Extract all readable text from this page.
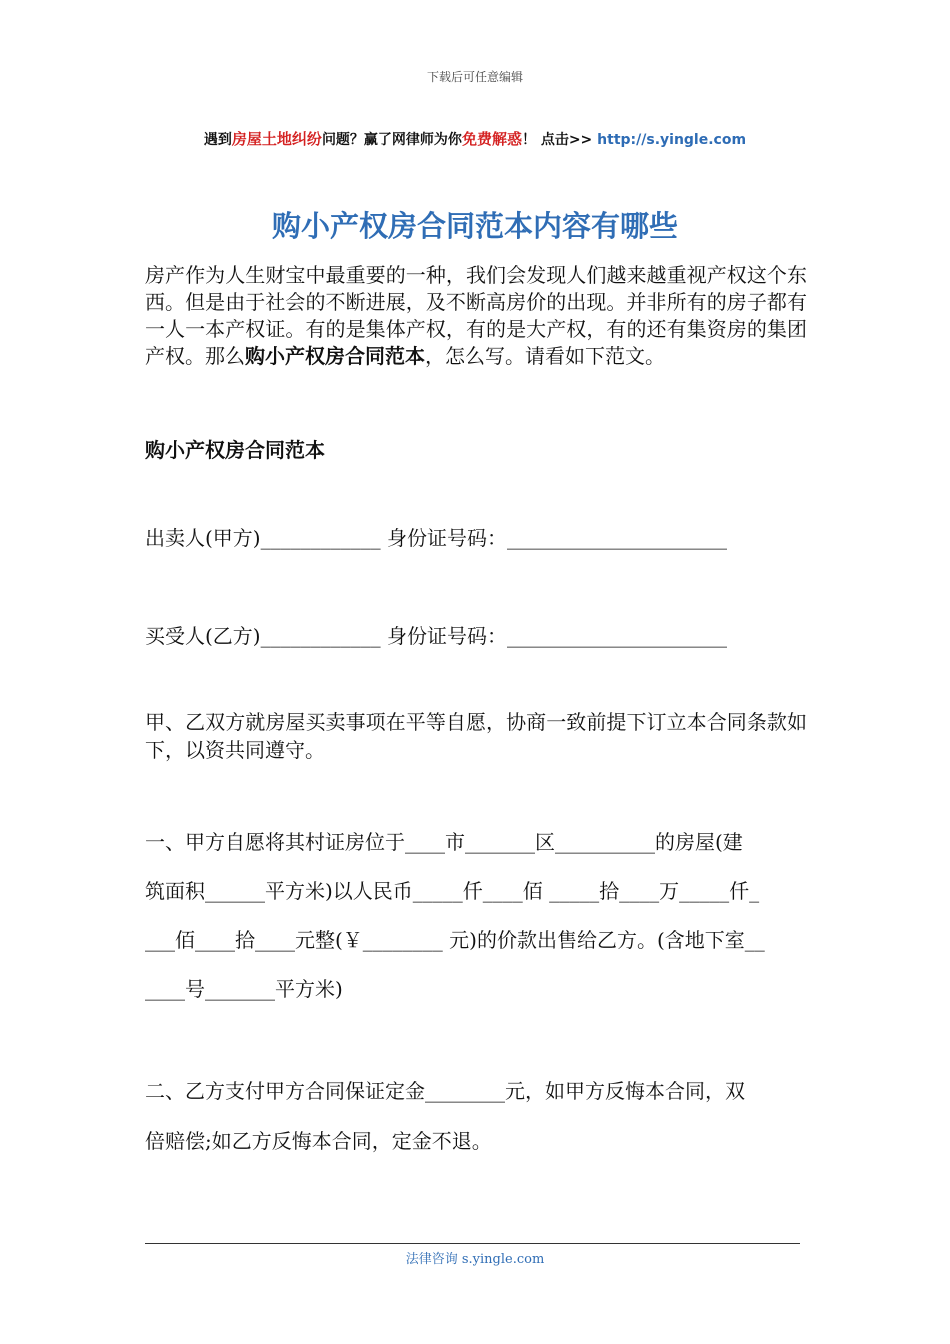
下载后可任意编辑
遇到房屋土地纠纷问题？赢了网律师为你免费解惑！ 点击>> http://s.yingle.com
购小产权房合同范本内容有哪些
房产作为人生财宝中最重要的一种，我们会发现人们越来越重视产权这个东西。但是由于社会的不断进展，及不断高房价的出现。并非所有的房子都有一人一本产权证。有的是集体产权，有的是大产权，有的还有集资房的集团产权。那么购小产权房合同范本，怎么写。请看如下范文。
购小产权房合同范本
出卖人(甲方)____________ 身份证号码：______________________
买受人(乙方)____________ 身份证号码：______________________
甲、乙双方就房屋买卖事项在平等自愿，协商一致前提下订立本合同条款如下，以资共同遵守。
一、甲方自愿将其村证房位于____市_______区__________的房屋(建
筑面积______平方米)以人民币_____仟____佰 _____拾____万_____仟_
___佰____拾____元整(￥________ 元)的价款出售给乙方。(含地下室__
____号_______平方米)
二、乙方支付甲方合同保证定金________元，如甲方反悔本合同，双
倍赔偿;如乙方反悔本合同，定金不退。
法律咨询 s.yingle.com
